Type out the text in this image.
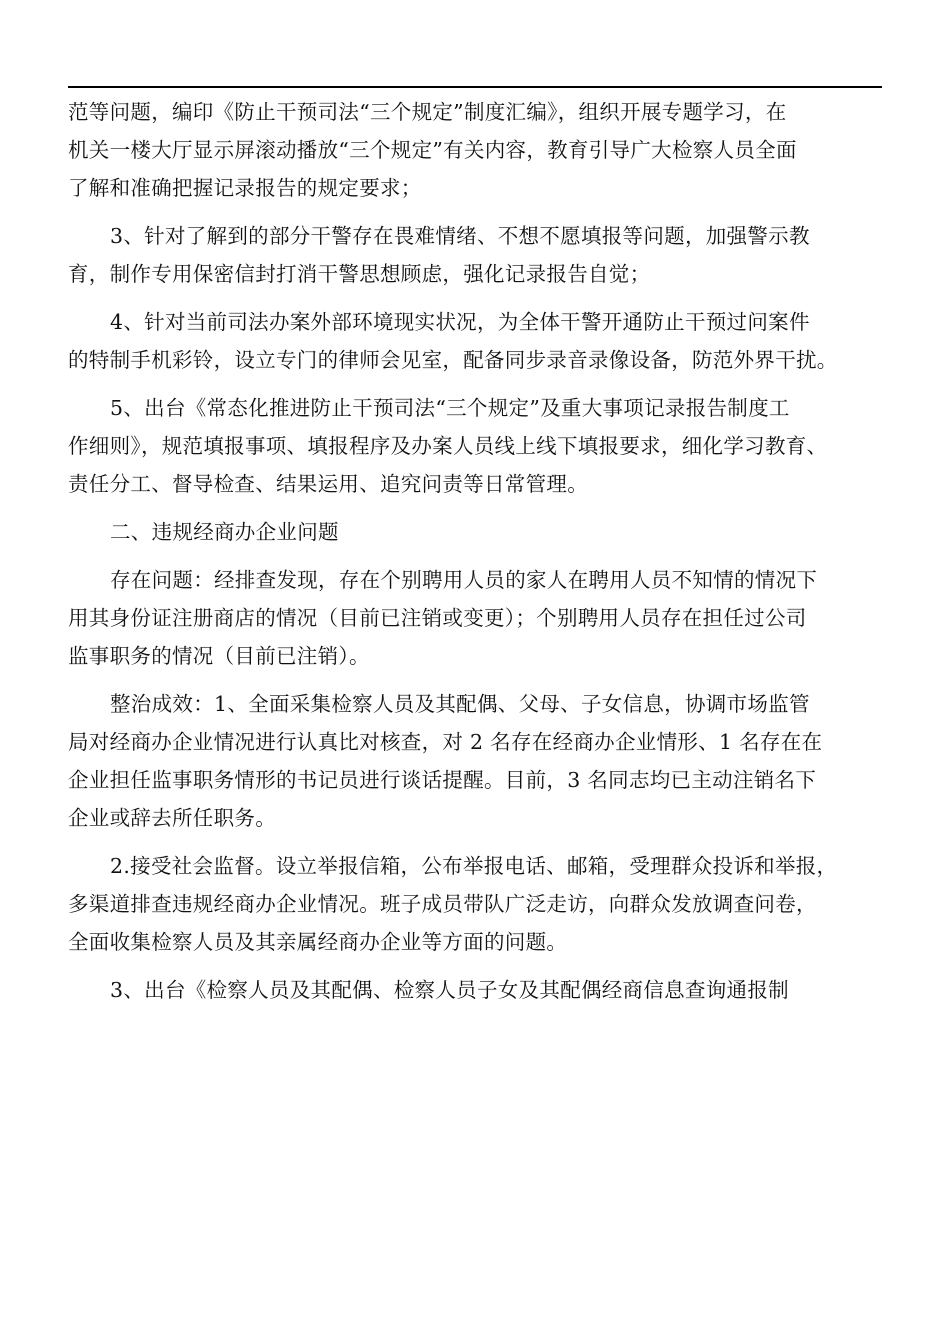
范等问题，编印《防止干预司法“三个规定”制度汇编》，组织开展专题学习，在
机关一楼大厅显示屏滚动播放“三个规定”有关内容，教育引导广大检察人员全面
了解和准确把握记录报告的规定要求；
3、针对了解到的部分干警存在畏难情绪、不想不愿填报等问题，加强警示教
育，制作专用保密信封打消干警思想顾虑，强化记录报告自觉；
4、针对当前司法办案外部环境现实状况，为全体干警开通防止干预过问案件
的特制手机彩铃，设立专门的律师会见室，配备同步录音录像设备，防范外界干扰。
5、出台《常态化推进防止干预司法“三个规定”及重大事项记录报告制度工
作细则》，规范填报事项、填报程序及办案人员线上线下填报要求，细化学习教育、
责任分工、督导检查、结果运用、追究问责等日常管理。
二、违规经商办企业问题
存在问题：经排查发现，存在个别聘用人员的家人在聘用人员不知情的情况下
用其身份证注册商店的情况（目前已注销或变更）；个别聘用人员存在担任过公司
监事职务的情况（目前已注销）。
整治成效：1、全面采集检察人员及其配偶、父母、子女信息，协调市场监管
局对经商办企业情况进行认真比对核查，对 2 名存在经商办企业情形、1 名存在在
企业担任监事职务情形的书记员进行谈话提醒。目前，3 名同志均已主动注销名下
企业或辞去所任职务。
2.接受社会监督。设立举报信箱，公布举报电话、邮箱，受理群众投诉和举报，
多渠道排查违规经商办企业情况。班子成员带队广泛走访，向群众发放调查问卷，
全面收集检察人员及其亲属经商办企业等方面的问题。
3、出台《检察人员及其配偶、检察人员子女及其配偶经商信息查询通报制
